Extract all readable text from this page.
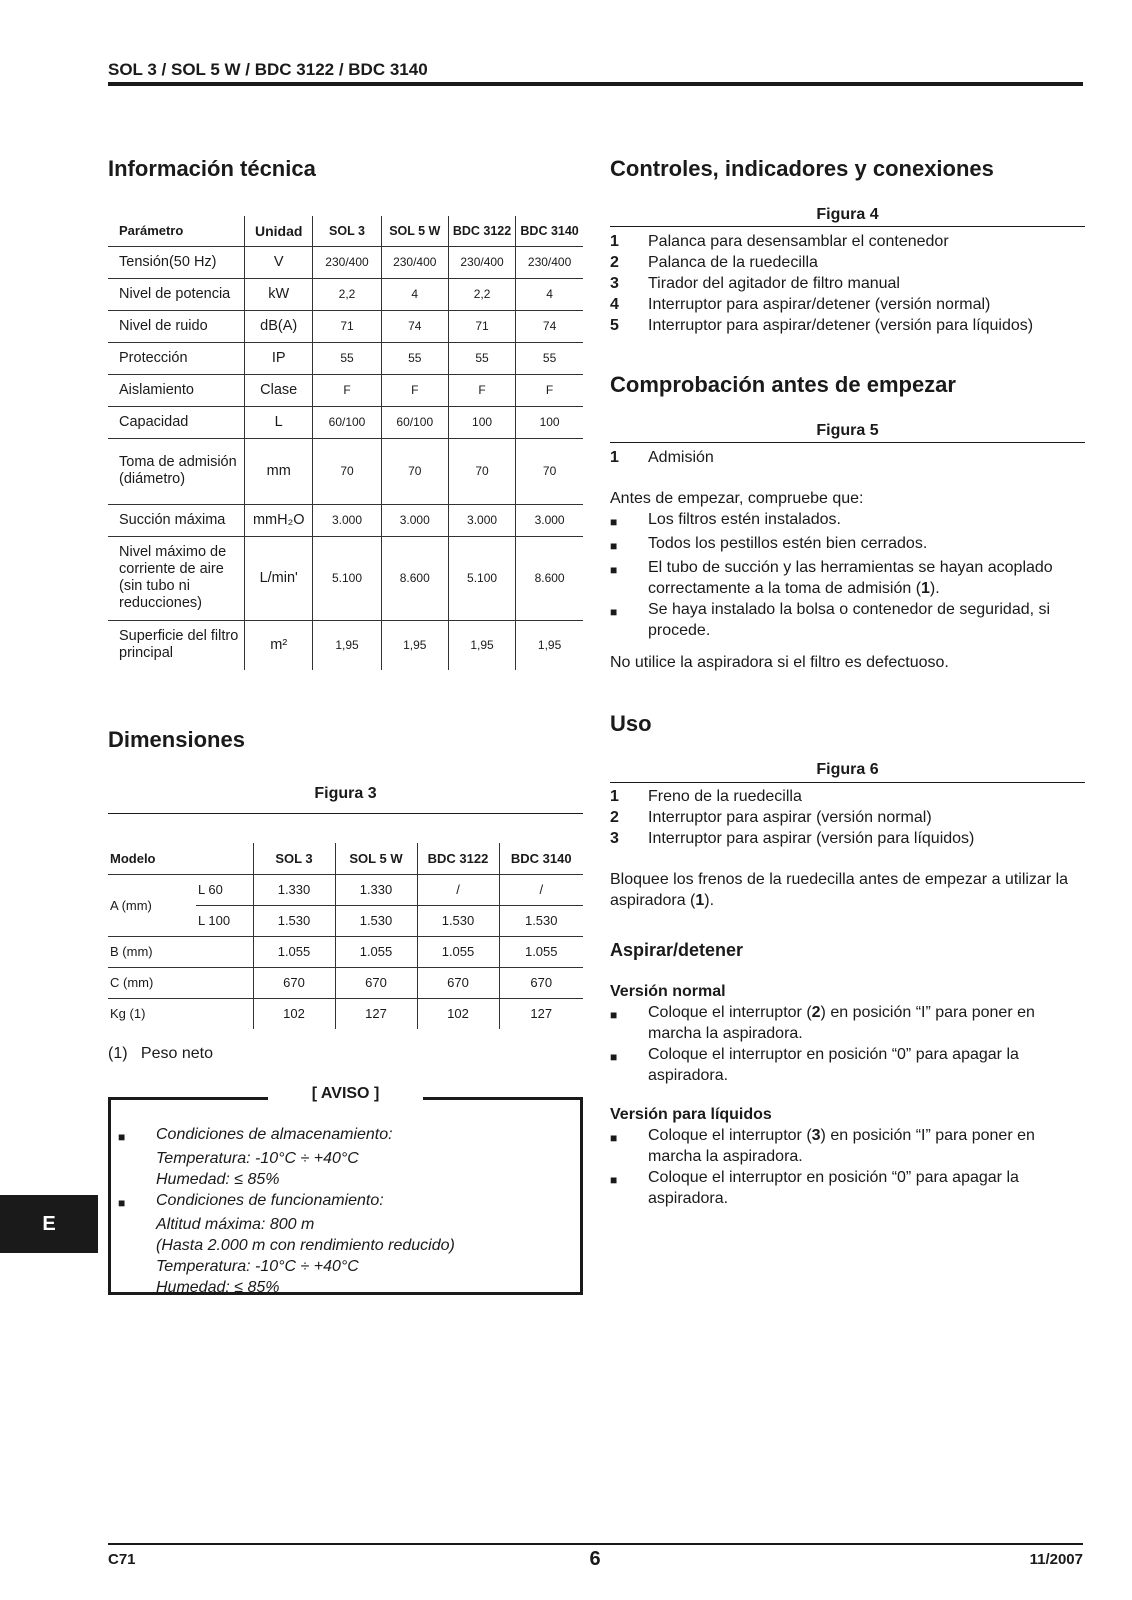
SOL 3 / SOL 5 W / BDC 3122 / BDC 3140
Información técnica
Parámetro	Unidad	SOL 3	SOL 5 W	BDC 3122	BDC 3140
Tensión(50 Hz)	V	230/400	230/400	230/400	230/400
Nivel de potencia	kW	2,2	4	2,2	4
Nivel de ruido	dB(A)	71	74	71	74
Protección	IP	55	55	55	55
Aislamiento	Clase	F	F	F	F
Capacidad	L	60/100	60/100	100	100
Toma de admisión (diámetro)	mm	70	70	70	70
Succión máxima	mmH₂O	3.000	3.000	3.000	3.000
Nivel máximo de corriente de aire (sin tubo ni reducciones)	L/min'	5.100	8.600	5.100	8.600
Superficie del filtro principal	m²	1,95	1,95	1,95	1,95
Dimensiones
Figura 3
Modelo		SOL 3	SOL 5 W	BDC 3122	BDC 3140
A (mm)	L 60	1.330	1.330	/	/
	L 100	1.530	1.530	1.530	1.530
B (mm)		1.055	1.055	1.055	1.055
C (mm)		670	670	670	670
Kg (1)		102	127	102	127
(1) Peso neto
[ AVISO ]
■	Condiciones de almacenamiento:
Temperatura: -10°C ÷ +40°C
Humedad: ≤ 85%
■	Condiciones de funcionamiento:
Altitud máxima: 800 m
(Hasta 2.000 m con rendimiento reducido)
Temperatura: -10°C ÷ +40°C
Humedad: ≤ 85%
Controles, indicadores y conexiones
Figura 4
1	Palanca para desensamblar el contenedor
2	Palanca de la ruedecilla
3	Tirador del agitador de filtro manual
4	Interruptor para aspirar/detener (versión normal)
5	Interruptor para aspirar/detener (versión para líquidos)
Comprobación antes de empezar
Figura 5
1	Admisión
Antes de empezar, compruebe que:
■	Los filtros estén instalados.
■	Todos los pestillos estén bien cerrados.
■	El tubo de succión y las herramientas se hayan acoplado correctamente a la toma de admisión (1).
■	Se haya instalado la bolsa o contenedor de seguridad, si procede.
No utilice la aspiradora si el filtro es defectuoso.
Uso
Figura 6
1	Freno de la ruedecilla
2	Interruptor para aspirar (versión normal)
3	Interruptor para aspirar (versión para líquidos)
Bloquee los frenos de la ruedecilla antes de empezar a utilizar la aspiradora (1).
Aspirar/detener
Versión normal
■	Coloque el interruptor (2) en posición “I” para poner en marcha la aspiradora.
■	Coloque el interruptor en posición “0” para apagar la aspiradora.
Versión para líquidos
■	Coloque el interruptor (3) en posición “I” para poner en marcha la aspiradora.
■	Coloque el interruptor en posición “0” para apagar la aspiradora.
E
C71	6	11/2007
